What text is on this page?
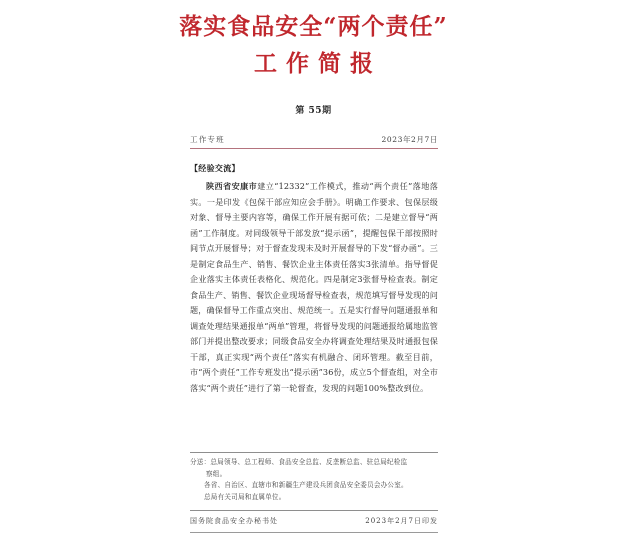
落实食品安全“两个责任”
工作简报
第 55期
工作专班	2023年2月7日
【经验交流】
陕西省安康市建立“12332”工作模式，推动“两个责任”落地落实。一是印发《包保干部应知应会手册》。明确工作要求、包保层级对象、督导主要内容等，确保工作开展有据可依；二是建立督导“两函”工作制度。对同级领导干部发放“提示函”，提醒包保干部按照时间节点开展督导；对于督查发现未及时开展督导的下发“督办函”。三是制定食品生产、销售、餐饮企业主体责任落实3张清单。指导督促企业落实主体责任表格化、规范化。四是制定3张督导检查表。制定食品生产、销售、餐饮企业现场督导检查表，规范填写督导发现的问题，确保督导工作重点突出、规范统一。五是实行督导问题通报单和调查处理结果通报单“两单”管理，将督导发现的问题通报给属地监管部门并提出整改要求；同级食品安全办将调查处理结果及时通报包保干部，真正实现“两个责任”落实有机融合、闭环管理。截至目前，市“两个责任”工作专班发出“提示函”36份，成立5个督查组，对全市落实“两个责任”进行了第一轮督查，发现的问题100%整改到位。
分送：总局领导、总工程师、食品安全总监、反垄断总监、驻总局纪检监
察组。
各省、自治区、直辖市和新疆生产建设兵团食品安全委员会办公室。
总局有关司局和直属单位。
国务院食品安全办秘书处	2023年2月7日印发
